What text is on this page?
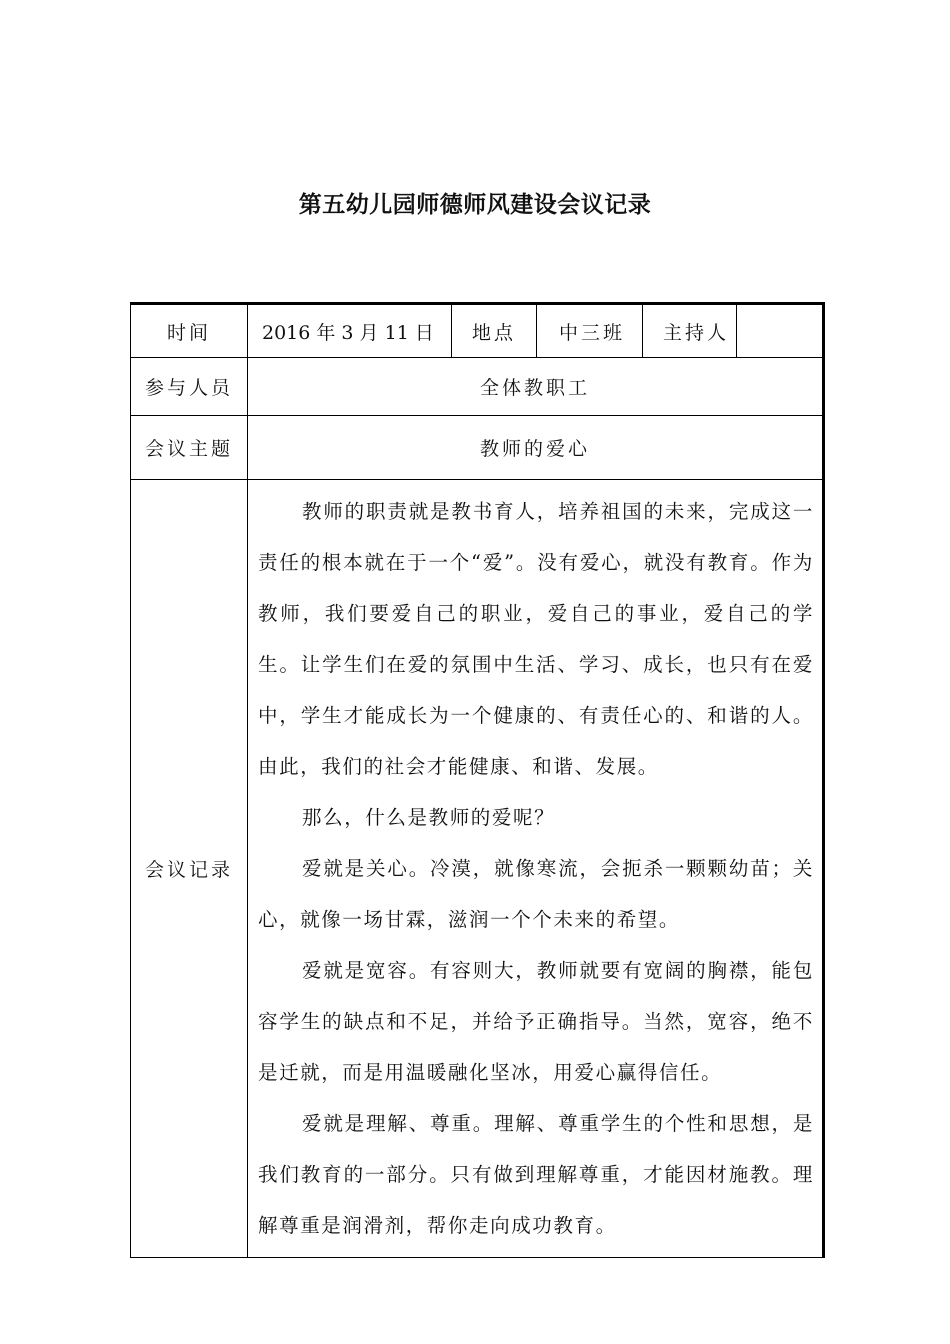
第五幼儿园师德师风建设会议记录
时间	2016 年 3 月 11 日	地点	中三班	主持人	
参与人员	全体教职工				
会议主题	教师的爱心				
会议记录	教师的职责就是教书育人，培养祖国的未来，完成这一责任的根本就在于一个“爱”。没有爱心，就没有教育。作为教师，我们要爱自己的职业，爱自己的事业，爱自己的学生。让学生们在爱的氛围中生活、学习、成长，也只有在爱中，学生才能成长为一个健康的、有责任心的、和谐的人。由此，我们的社会才能健康、和谐、发展。

那么，什么是教师的爱呢？

爱就是关心。冷漠，就像寒流，会扼杀一颗颗幼苗；关心，就像一场甘霖，滋润一个个未来的希望。

爱就是宽容。有容则大，教师就要有宽阔的胸襟，能包容学生的缺点和不足，并给予正确指导。当然，宽容，绝不是迁就，而是用温暖融化坚冰，用爱心赢得信任。

爱就是理解、尊重。理解、尊重学生的个性和思想，是我们教育的一部分。只有做到理解尊重，才能因材施教。理解尊重是润滑剂，帮你走向成功教育。				
